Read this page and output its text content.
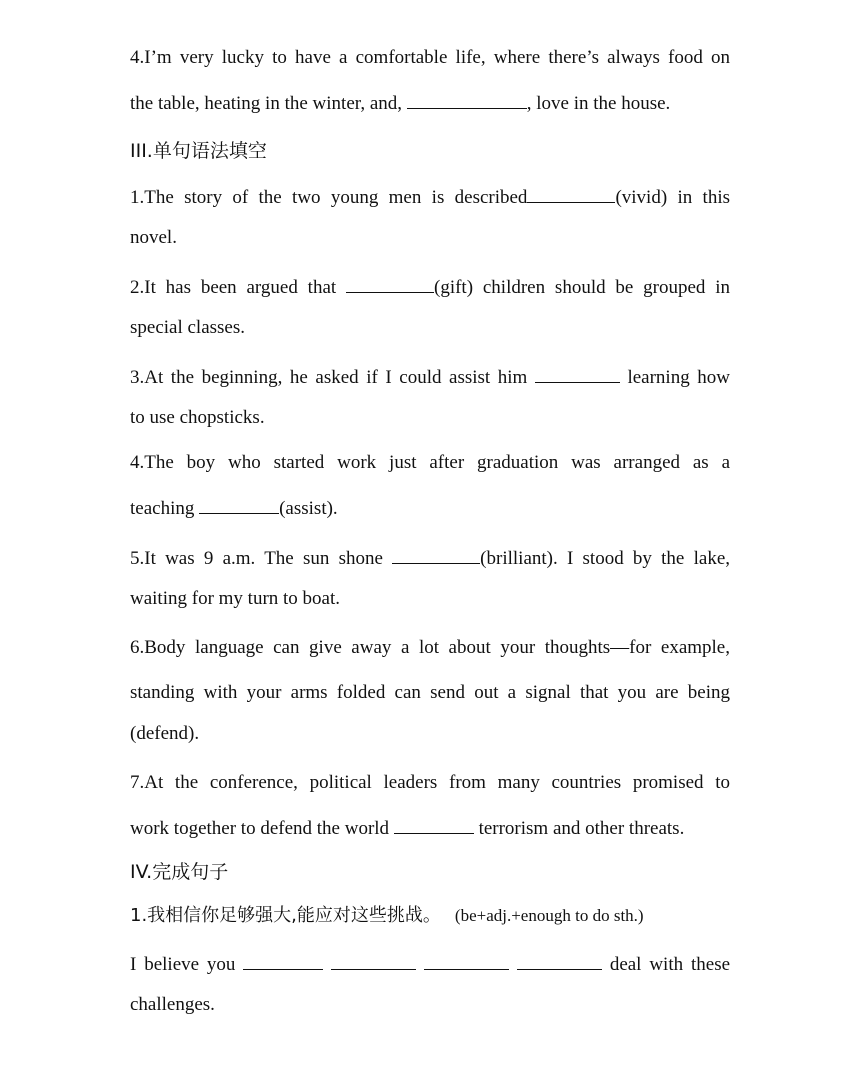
4.I’m very lucky to have a comfortable life, where there’s always food on
the table, heating in the winter, and,	, love in the house.
III.单句语法填空
1.The story of the two young men is described	(vivid) in this
novel.
2.It has been argued that	(gift) children should be grouped in
special classes.
3.At the beginning, he asked if I could assist him	learning how
to use chopsticks.
4.The boy who started work just after graduation was arranged as a
teaching	(assist).
5.It was 9 a.m. The sun shone	(brilliant). I stood by the lake,
waiting for my turn to boat.
6.Body language can give away a lot about your thoughts—for example,
standing with your arms folded can send out a signal that you are being
(defend).
7.At the conference, political leaders from many countries promised to
work together to defend the world	terrorism and other threats.
IV.完成句子
1.我相信你足够强大,能应对这些挑战。 (be+adj.+enough to do sth.)
I believe you	deal with these
challenges.
